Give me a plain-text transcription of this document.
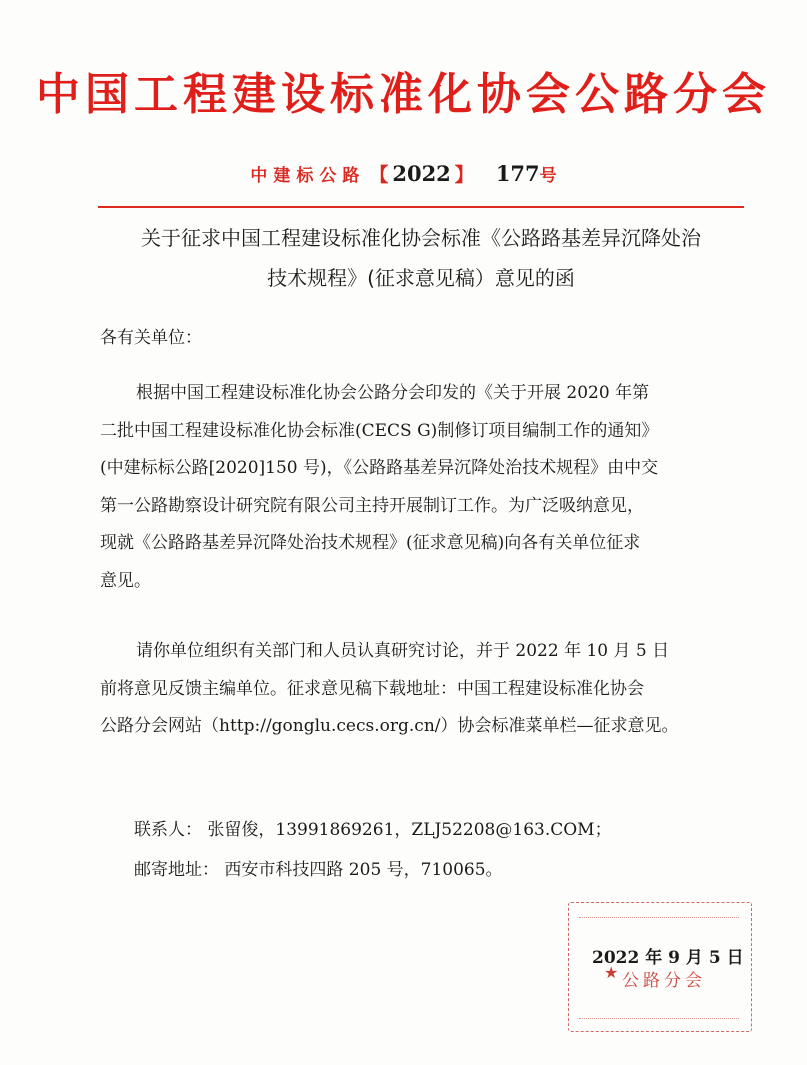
中国工程建设标准化协会公路分会
中建标公路 【 2022 】 177号
关于征求中国工程建设标准化协会标准《公路路基差异沉降处治
技术规程》(征求意见稿）意见的函
各有关单位：
根据中国工程建设标准化协会公路分会印发的《关于开展 2020 年第
二批中国工程建设标准化协会标准(CECS G)制修订项目编制工作的通知》
(中建标标公路[2020]150 号)，《公路路基差异沉降处治技术规程》由中交
第一公路勘察设计研究院有限公司主持开展制订工作。为广泛吸纳意见，
现就《公路路基差异沉降处治技术规程》(征求意见稿)向各有关单位征求
意见。
请你单位组织有关部门和人员认真研究讨论，并于 2022 年 10 月 5 日
前将意见反馈主编单位。征求意见稿下载地址：中国工程建设标准化协会
公路分会网站（http://gonglu.cecs.org.cn/）协会标准菜单栏—征求意见。
联系人： 张留俊，13991869261，ZLJ52208@163.COM；
邮寄地址： 西安市科技四路 205 号，710065。
2022 年 9 月 5 日
★ 公路分会
